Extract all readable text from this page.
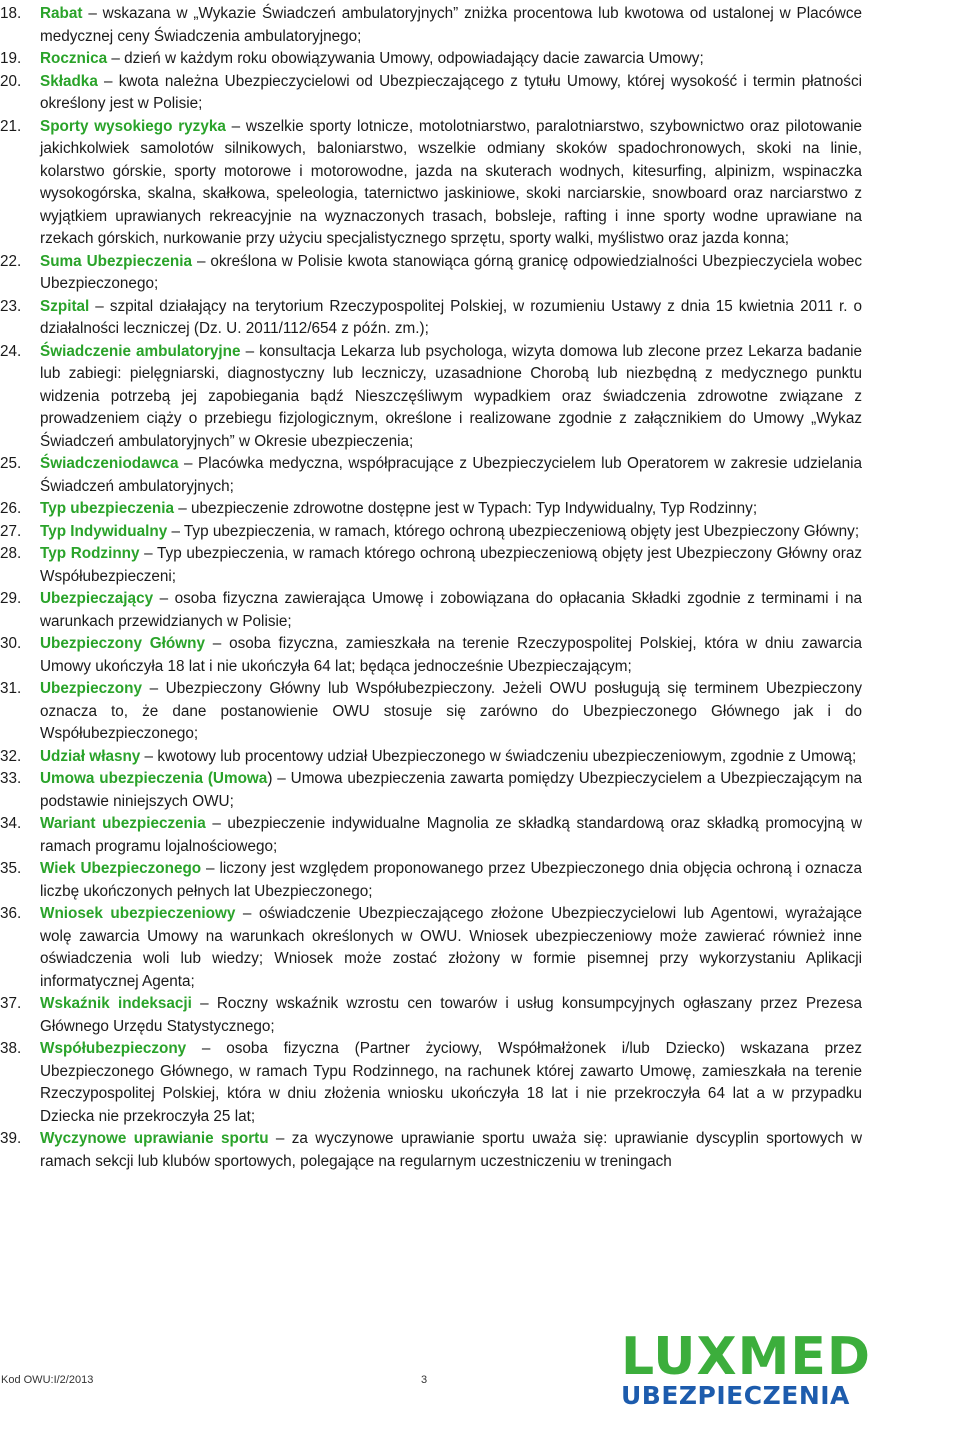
18. Rabat – wskazana w „Wykazie Świadczeń ambulatoryjnych” zniżka procentowa lub kwotowa od ustalonej w Placówce medycznej ceny Świadczenia ambulatoryjnego;
19. Rocznica – dzień w każdym roku obowiązywania Umowy, odpowiadający dacie zawarcia Umowy;
20. Składka – kwota należna Ubezpieczycielowi od Ubezpieczającego z tytułu Umowy, której wysokość i termin płatności określony jest w Polisie;
21. Sporty wysokiego ryzyka – wszelkie sporty lotnicze, motolotniarstwo, paralotniarstwo, szybownictwo oraz pilotowanie jakichkolwiek samolotów silnikowych, baloniarstwo, wszelkie odmiany skoków spadochronowych, skoki na linie, kolarstwo górskie, sporty motorowe i motorowodne, jazda na skuterach wodnych, kitesurfing, alpinizm, wspinaczka wysokogórska, skalna, skałkowa, speleologia, taternictwo jaskiniowe, skoki narciarskie, snowboard oraz narciarstwo z wyjątkiem uprawianych rekreacyjnie na wyznaczonych trasach, bobsleje, rafting i inne sporty wodne uprawiane na rzekach górskich, nurkowanie przy użyciu specjalistycznego sprzętu, sporty walki, myślistwo oraz jazda konna;
22. Suma Ubezpieczenia – określona w Polisie kwota stanowiąca górną granicę odpowiedzialności Ubezpieczyciela wobec Ubezpieczonego;
23. Szpital – szpital działający na terytorium Rzeczypospolitej Polskiej, w rozumieniu Ustawy z dnia 15 kwietnia 2011 r. o działalności leczniczej (Dz. U. 2011/112/654 z późn. zm.);
24. Świadczenie ambulatoryjne – konsultacja Lekarza lub psychologa, wizyta domowa lub zlecone przez Lekarza badanie lub zabiegi: pielęgniarski, diagnostyczny lub leczniczy, uzasadnione Chorobą lub niezbędną z medycznego punktu widzenia potrzebą jej zapobiegania bądź Nieszczęśliwym wypadkiem oraz świadczenia zdrowotne związane z prowadzeniem ciąży o przebiegu fizjologicznym, określone i realizowane zgodnie z załącznikiem do Umowy „Wykaz Świadczeń ambulatoryjnych” w Okresie ubezpieczenia;
25. Świadczeniodawca – Placówka medyczna, współpracujące z Ubezpieczycielem lub Operatorem w zakresie udzielania Świadczeń ambulatoryjnych;
26. Typ ubezpieczenia – ubezpieczenie zdrowotne dostępne jest w Typach: Typ Indywidualny, Typ Rodzinny;
27. Typ Indywidualny – Typ ubezpieczenia, w ramach, którego ochroną ubezpieczeniową objęty jest Ubezpieczony Główny;
28. Typ Rodzinny – Typ ubezpieczenia, w ramach którego ochroną ubezpieczeniową objęty jest Ubezpieczony Główny oraz Współubezpieczeni;
29. Ubezpieczający – osoba fizyczna zawierająca Umowę i zobowiązana do opłacania Składki zgodnie z terminami i na warunkach przewidzianych w Polisie;
30. Ubezpieczony Główny – osoba fizyczna, zamieszkała na terenie Rzeczypospolitej Polskiej, która w dniu zawarcia Umowy ukończyła 18 lat i nie ukończyła 64 lat; będąca jednocześnie Ubezpieczającym;
31. Ubezpieczony – Ubezpieczony Główny lub Współubezpieczony. Jeżeli OWU posługują się terminem Ubezpieczony oznacza to, że dane postanowienie OWU stosuje się zarówno do Ubezpieczonego Głównego jak i do Współubezpieczonego;
32. Udział własny – kwotowy lub procentowy udział Ubezpieczonego w świadczeniu ubezpieczeniowym, zgodnie z Umową;
33. Umowa ubezpieczenia (Umowa) – Umowa ubezpieczenia zawarta pomiędzy Ubezpieczycielem a Ubezpieczającym na podstawie niniejszych OWU;
34. Wariant ubezpieczenia – ubezpieczenie indywidualne Magnolia ze składką standardową oraz składką promocyjną w ramach programu lojalnościowego;
35. Wiek Ubezpieczonego – liczony jest względem proponowanego przez Ubezpieczonego dnia objęcia ochroną i oznacza liczbę ukończonych pełnych lat Ubezpieczonego;
36. Wniosek ubezpieczeniowy – oświadczenie Ubezpieczającego złożone Ubezpieczycielowi lub Agentowi, wyrażające wolę zawarcia Umowy na warunkach określonych w OWU. Wniosek ubezpieczeniowy może zawierać również inne oświadczenia woli lub wiedzy; Wniosek może zostać złożony w formie pisemnej przy wykorzystaniu Aplikacji informatycznej Agenta;
37. Wskaźnik indeksacji – Roczny wskaźnik wzrostu cen towarów i usług konsumpcyjnych ogłaszany przez Prezesa Głównego Urzędu Statystycznego;
38. Współubezpieczony – osoba fizyczna (Partner życiowy, Współmałżonek i/lub Dziecko) wskazana przez Ubezpieczonego Głównego, w ramach Typu Rodzinnego, na rachunek której zawarto Umowę, zamieszkała na terenie Rzeczypospolitej Polskiej, która w dniu złożenia wniosku ukończyła 18 lat i nie przekroczyła 64 lat a w przypadku Dziecka nie przekroczyła 25 lat;
39. Wyczynowe uprawianie sportu – za wyczynowe uprawianie sportu uważa się: uprawianie dyscyplin sportowych w ramach sekcji lub klubów sportowych, polegające na regularnym uczestniczeniu w treningach
Kod OWU:I/2/2013	3	LUXMED
UBEZPIECZENIA
